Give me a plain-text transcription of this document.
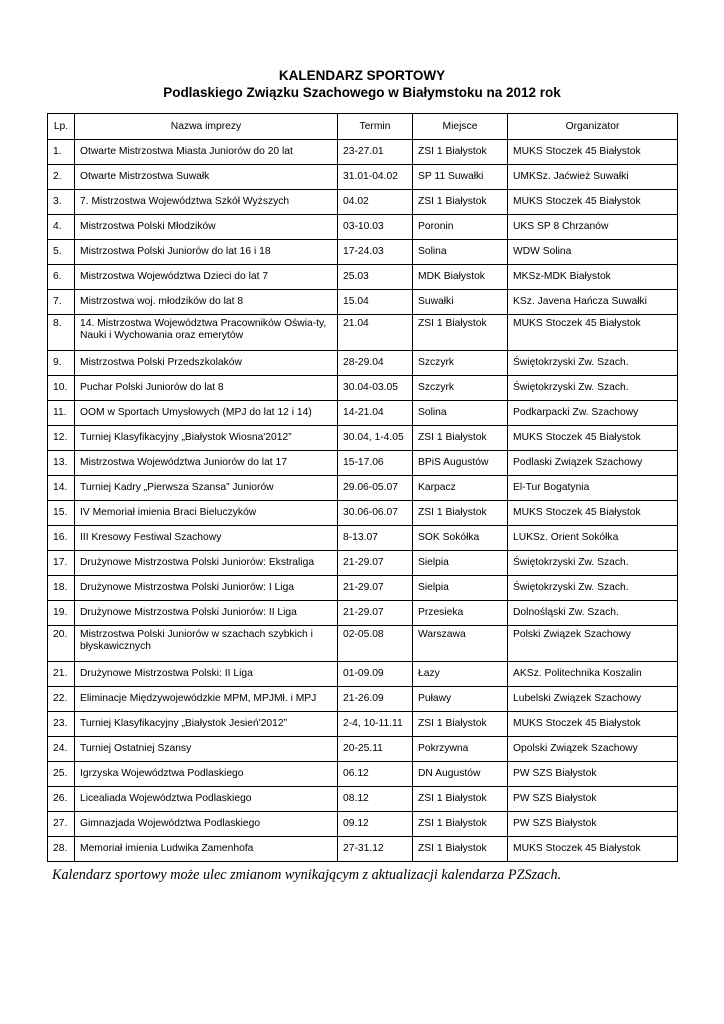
KALENDARZ SPORTOWY
Podlaskiego Związku Szachowego w Białymstoku na 2012 rok
Lp.	Nazwa imprezy	Termin	Miejsce	Organizator
1.	Otwarte Mistrzostwa Miasta Juniorów do 20 lat	23-27.01	ZSI 1 Białystok	MUKS Stoczek 45 Białystok
2.	Otwarte Mistrzostwa Suwałk	31.01-04.02	SP 11 Suwałki	UMKSz. Jaćwież Suwałki
3.	7. Mistrzostwa Województwa Szkół Wyższych	04.02	ZSI 1 Białystok	MUKS Stoczek 45 Białystok
4.	Mistrzostwa Polski Młodzików	03-10.03	Poronin	UKS SP 8 Chrzanów
5.	Mistrzostwa Polski Juniorów do lat 16 i 18	17-24.03	Solina	WDW Solina
6.	Mistrzostwa Województwa Dzieci do lat 7	25.03	MDK Białystok	MKSz-MDK Białystok
7.	Mistrzostwa woj. młodzików do lat 8	15.04	Suwałki	KSz. Javena Hańcza Suwałki
8.	14. Mistrzostwa Województwa Pracowników Oświa-ty, Nauki i Wychowania oraz emerytów	21.04	ZSI 1 Białystok	MUKS Stoczek 45 Białystok
9.	Mistrzostwa Polski Przedszkolaków	28-29.04	Szczyrk	Świętokrzyski Zw. Szach.
10.	Puchar Polski Juniorów do lat 8	30.04-03.05	Szczyrk	Świętokrzyski Zw. Szach.
11.	OOM w Sportach Umysłowych (MPJ do lat 12 i 14)	14-21.04	Solina	Podkarpacki Zw. Szachowy
12.	Turniej Klasyfikacyjny „Białystok Wiosna'2012”	30.04, 1-4.05	ZSI 1 Białystok	MUKS Stoczek 45 Białystok
13.	Mistrzostwa Województwa Juniorów do lat 17	15-17.06	BPiS Augustów	Podlaski Związek Szachowy
14.	Turniej Kadry „Pierwsza Szansa” Juniorów	29.06-05.07	Karpacz	El-Tur Bogatynia
15.	IV Memoriał imienia Braci Bieluczyków	30.06-06.07	ZSI 1 Białystok	MUKS Stoczek 45 Białystok
16.	III Kresowy Festiwal Szachowy	8-13.07	SOK Sokółka	LUKSz. Orient Sokółka
17.	Drużynowe Mistrzostwa Polski Juniorów: Ekstraliga	21-29.07	Sielpia	Świętokrzyski Zw. Szach.
18.	Drużynowe Mistrzostwa Polski Juniorów: I Liga	21-29.07	Sielpia	Świętokrzyski Zw. Szach.
19.	Drużynowe Mistrzostwa Polski Juniorów: II Liga	21-29.07	Przesieka	Dolnośląski Zw. Szach.
20.	Mistrzostwa Polski Juniorów w szachach szybkich i błyskawicznych	02-05.08	Warszawa	Polski Związek Szachowy
21.	Drużynowe Mistrzostwa Polski: II Liga	01-09.09	Łazy	AKSz. Politechnika Koszalin
22.	Eliminacje Międzywojewódzkie MPM, MPJMł. i MPJ	21-26.09	Puławy	Lubelski Związek Szachowy
23.	Turniej Klasyfikacyjny „Białystok Jesień'2012”	2-4, 10-11.11	ZSI 1 Białystok	MUKS Stoczek 45 Białystok
24.	Turniej Ostatniej Szansy	20-25.11	Pokrzywna	Opolski Związek Szachowy
25.	Igrzyska Województwa Podlaskiego	06.12	DN Augustów	PW SZS Białystok
26.	Licealiada Województwa Podlaskiego	08.12	ZSI 1 Białystok	PW SZS Białystok
27.	Gimnazjada Województwa Podlaskiego	09.12	ZSI 1 Białystok	PW SZS Białystok
28.	Memoriał imienia Ludwika Zamenhofa	27-31.12	ZSI 1 Białystok	MUKS Stoczek 45 Białystok
Kalendarz sportowy może ulec zmianom wynikającym z aktualizacji kalendarza PZSzach.
